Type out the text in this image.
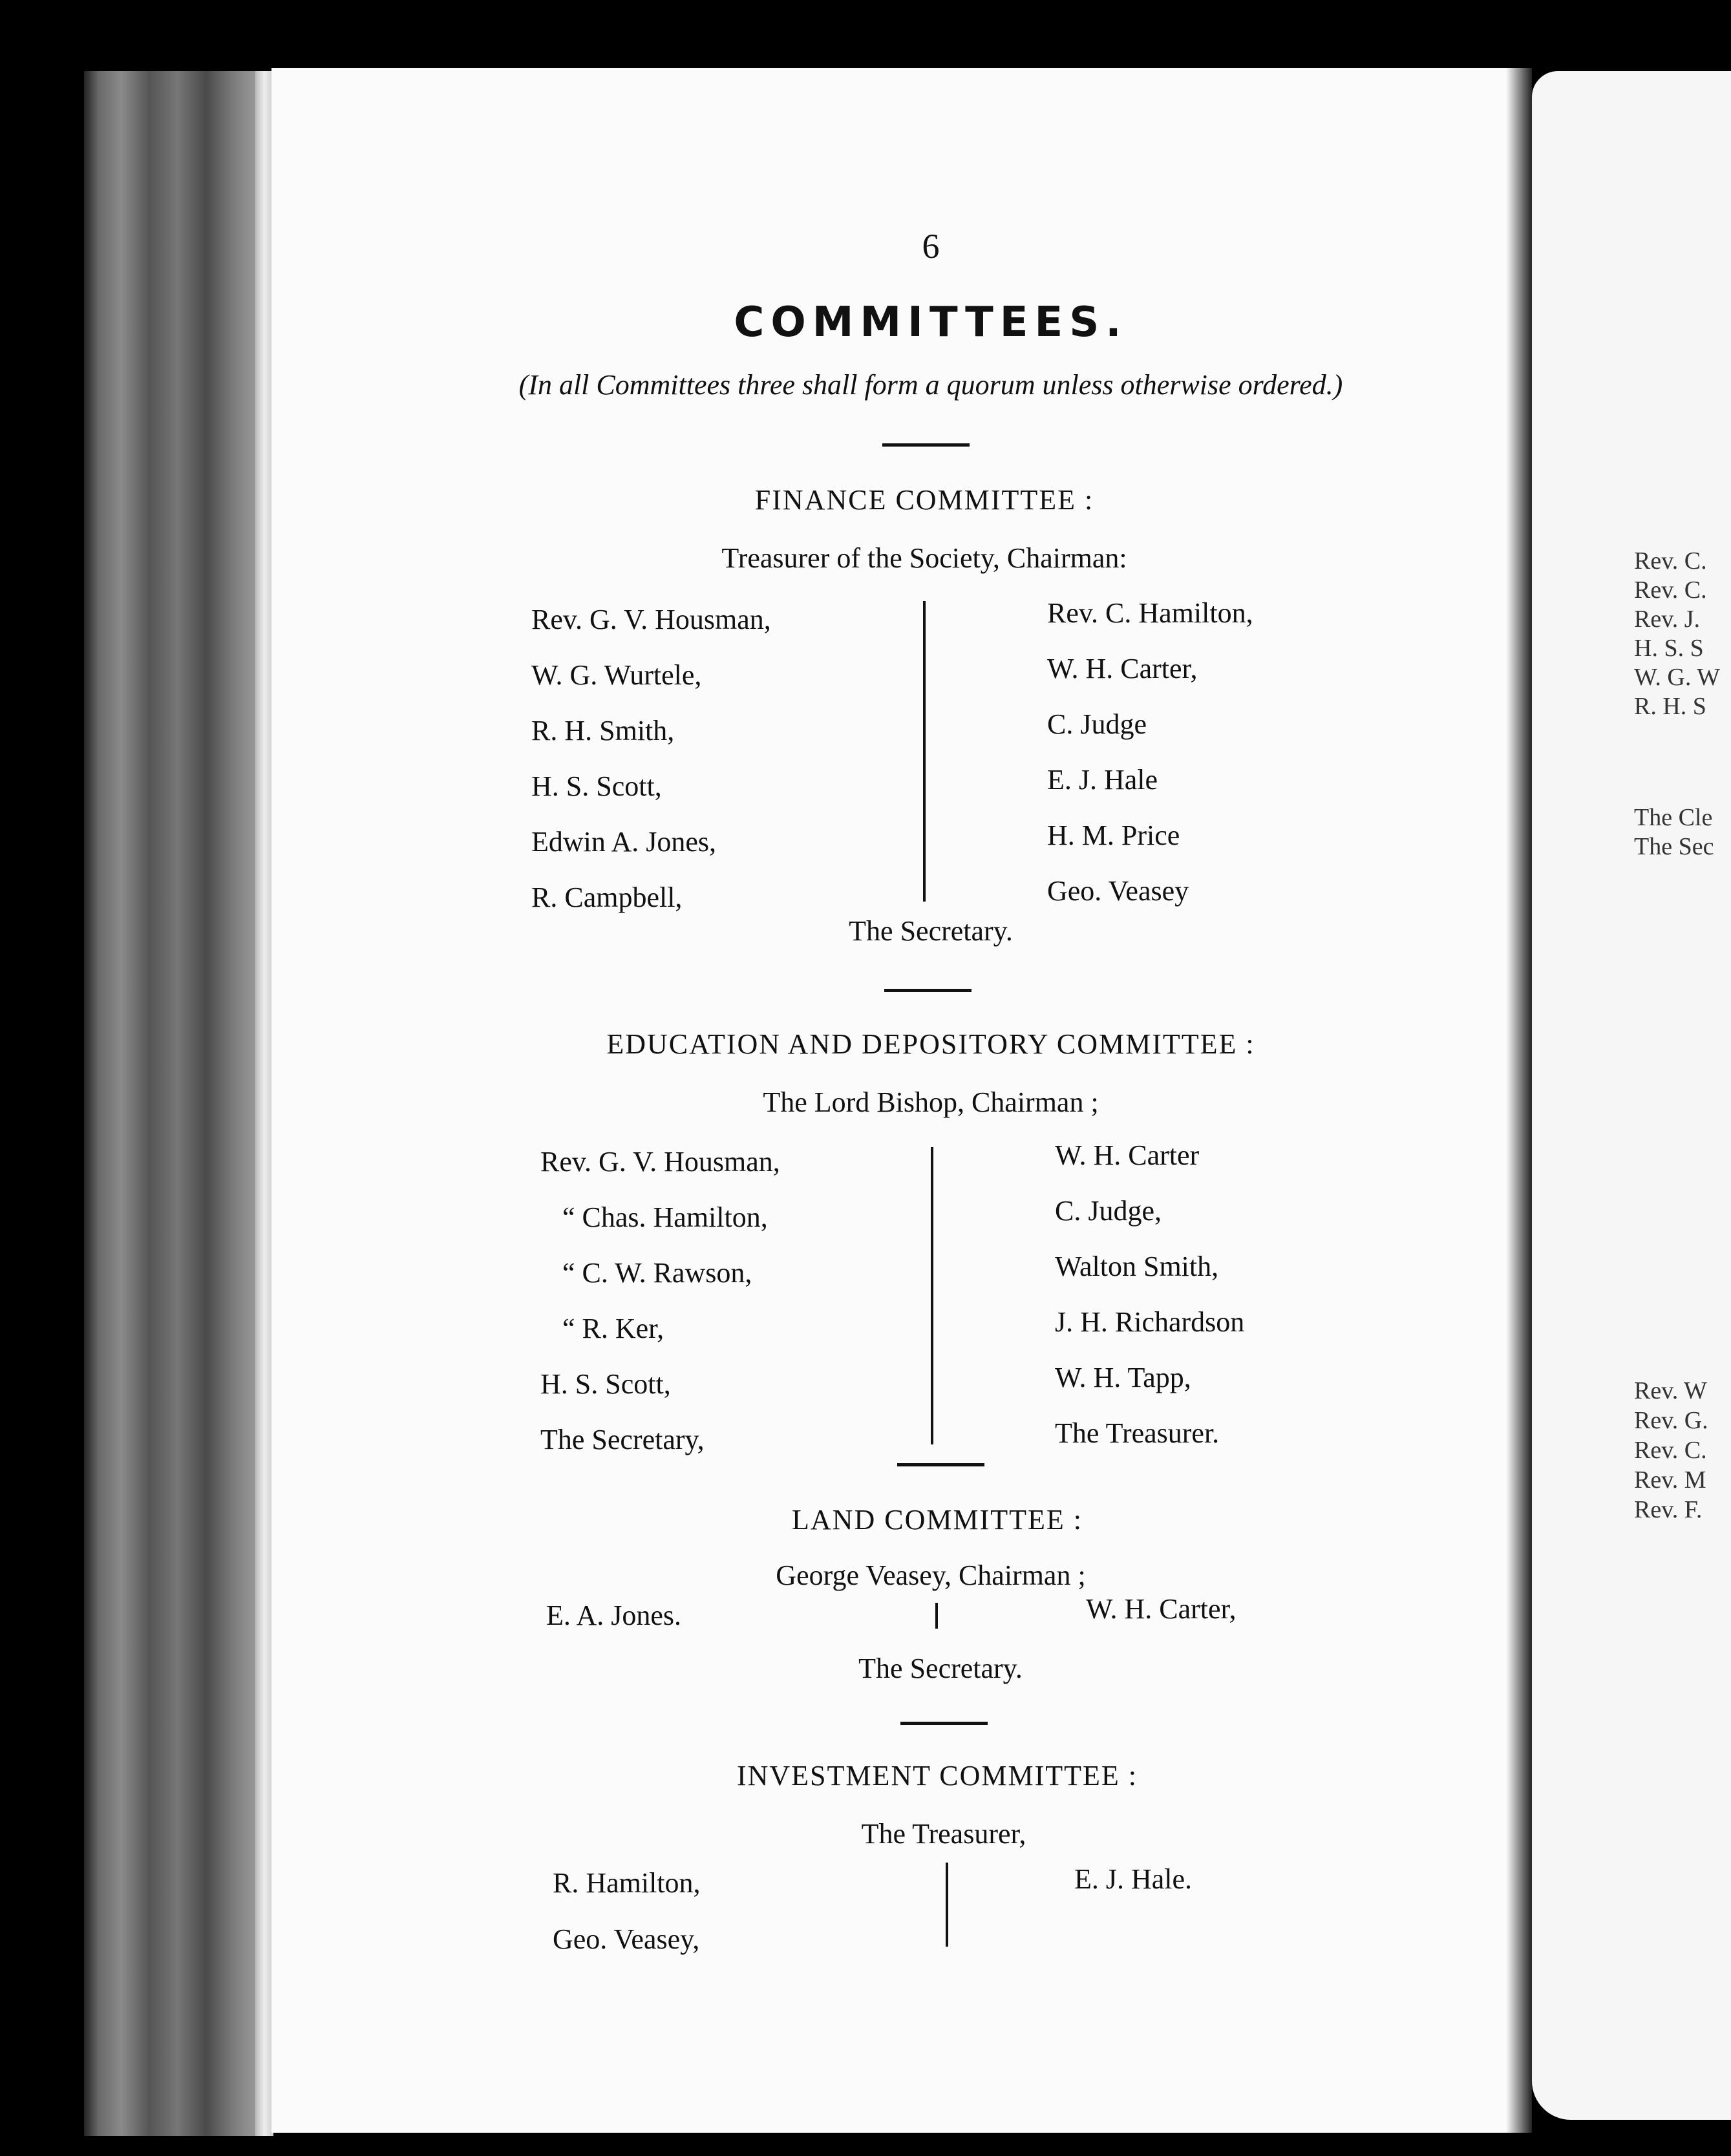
6
COMMITTEES.
(In all Committees three shall form a quorum unless otherwise ordered.)
FINANCE COMMITTEE :
Treasurer of the Society, Chairman:
Rev. G. V. Housman,
W. G. Wurtele,
R. H. Smith,
H. S. Scott,
Edwin A. Jones,
R. Campbell,
Rev. C. Hamilton,
W. H. Carter,
C. Judge
E. J. Hale
H. M. Price
Geo. Veasey
The Secretary.
EDUCATION AND DEPOSITORY COMMITTEE :
The Lord Bishop, Chairman ;
Rev. G. V. Housman,
“ Chas. Hamilton,
“ C. W. Rawson,
“ R. Ker,
H. S. Scott,
The Secretary,
W. H. Carter
C. Judge,
Walton Smith,
J. H. Richardson
W. H. Tapp,
The Treasurer.
LAND COMMITTEE :
George Veasey, Chairman ;
E. A. Jones.	W. H. Carter,
The Secretary.
INVESTMENT COMMITTEE :
The Treasurer,
R. Hamilton,
Geo. Veasey,
E. J. Hale.
Rev. C.
Rev. C.
Rev. J.
H. S. S
W. G. W
R. H. S
The Cle
The Sec
Rev. W
Rev. G.
Rev. C.
Rev. M
Rev. F.
